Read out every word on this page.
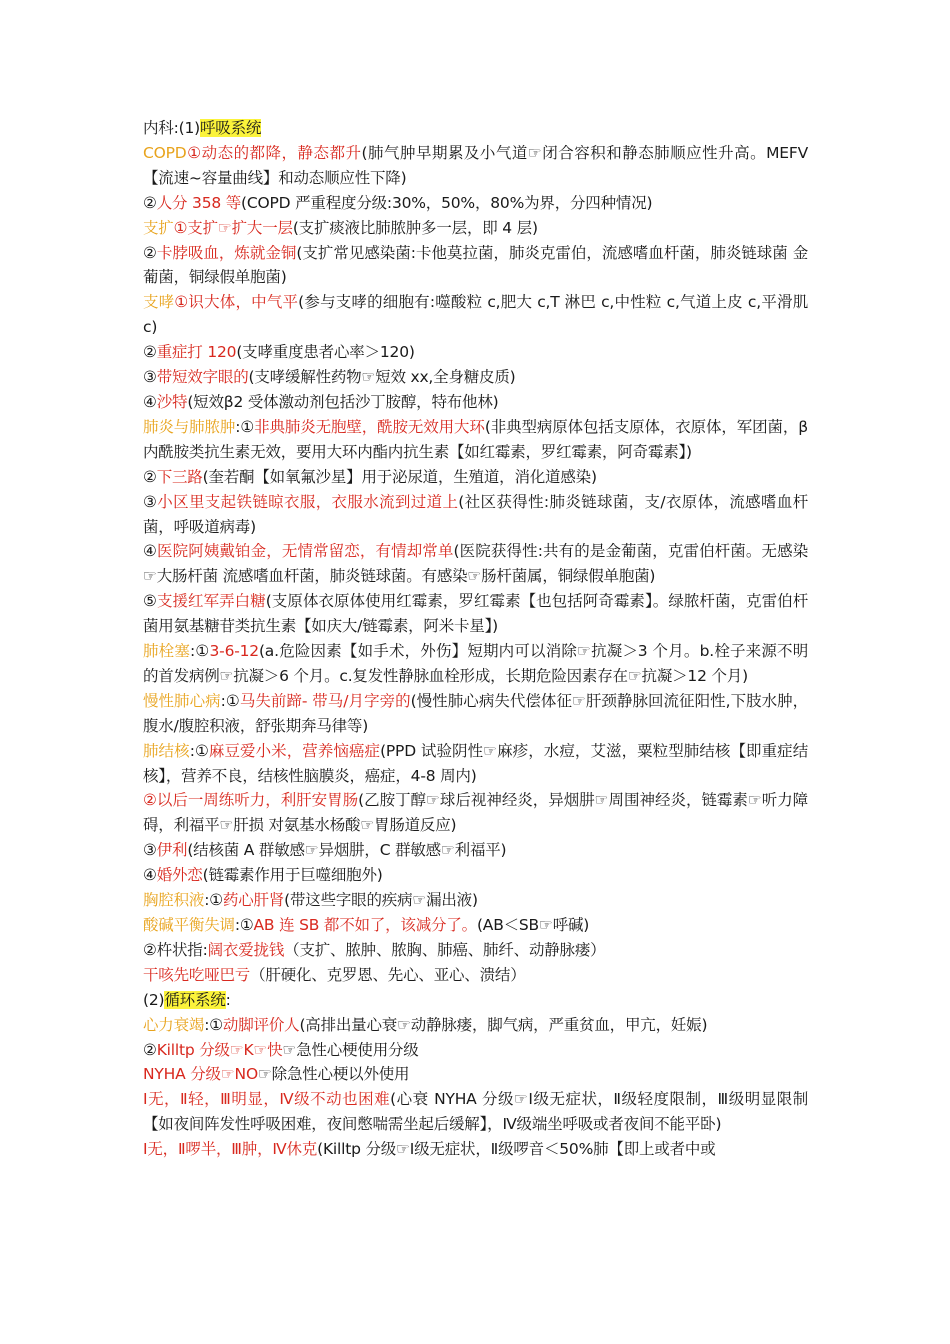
内科:(1)呼吸系统
COPD①动态的都降，静态都升(肺气肿早期累及小气道☞闭合容积和静态肺顺应性升高。MEFV【流速~容量曲线】和动态顺应性下降)
②人分 358 等(COPD 严重程度分级:30%，50%，80%为界，分四种情况)
支扩①支扩☞扩大一层(支扩痰液比肺脓肿多一层，即 4 层)
②卡脖吸血，炼就金铜(支扩常见感染菌:卡他莫拉菌，肺炎克雷伯，流感嗜血杆菌，肺炎链球菌 金葡菌，铜绿假单胞菌)
支哮①识大体，中气平(参与支哮的细胞有:噬酸粒 c,肥大 c,T 淋巴 c,中性粒 c,气道上皮 c,平滑肌 c)
②重症打 120(支哮重度患者心率＞120)
③带短效字眼的(支哮缓解性药物☞短效 xx,全身糖皮质)
④沙特(短效β2 受体激动剂包括沙丁胺醇，特布他林)
肺炎与肺脓肿:①非典肺炎无胞壁，酰胺无效用大环(非典型病原体包括支原体，衣原体，军团菌，β内酰胺类抗生素无效，要用大环内酯内抗生素【如红霉素，罗红霉素，阿奇霉素】)
②下三路(奎若酮【如氧氟沙星】用于泌尿道，生殖道，消化道感染)
③小区里支起铁链晾衣服，衣服水流到过道上(社区获得性:肺炎链球菌，支/衣原体，流感嗜血杆菌，呼吸道病毒)
④医院阿姨戴铂金，无情常留恋，有情却常单(医院获得性:共有的是金葡菌，克雷伯杆菌。无感染☞大肠杆菌 流感嗜血杆菌，肺炎链球菌。有感染☞肠杆菌属，铜绿假单胞菌)
⑤支援红军弄白糖(支原体衣原体使用红霉素，罗红霉素【也包括阿奇霉素】。绿脓杆菌，克雷伯杆菌用氨基糖苷类抗生素【如庆大/链霉素，阿米卡星】)
肺栓塞:①3-6-12(a.危险因素【如手术，外伤】短期内可以消除☞抗凝＞3 个月。b.栓子来源不明的首发病例☞抗凝＞6 个月。c.复发性静脉血栓形成，长期危险因素存在☞抗凝＞12 个月)
慢性肺心病:①马失前蹄- 带马/月字旁的(慢性肺心病失代偿体征☞肝颈静脉回流征阳性,下肢水肿，腹水/腹腔积液，舒张期奔马律等)
肺结核:①麻豆爱小米，营养恼癌症(PPD 试验阴性☞麻疹，水痘，艾滋，粟粒型肺结核【即重症结核】，营养不良，结核性脑膜炎，癌症，4-8 周内)
②以后一周练听力，利肝安胃肠(乙胺丁醇☞球后视神经炎，异烟肼☞周围神经炎，链霉素☞听力障碍，利福平☞肝损 对氨基水杨酸☞胃肠道反应)
③伊利(结核菌 A 群敏感☞异烟肼，C 群敏感☞利福平)
④婚外恋(链霉素作用于巨噬细胞外)
胸腔积液:①药心肝肾(带这些字眼的疾病☞漏出液)
酸碱平衡失调:①AB 连 SB 都不如了，该减分了。(AB＜SB☞呼碱)
②杵状指:阔衣爱拢钱（支扩、脓肿、脓胸、肺癌、肺纤、动静脉瘘）
干咳先吃哑巴亏（肝硬化、克罗恩、先心、亚心、溃结）
(2)循环系统:
心力衰竭:①动脚评价人(高排出量心衰☞动静脉瘘，脚气病，严重贫血，甲亢，妊娠)
②Killtp 分级☞K☞快☞急性心梗使用分级
NYHA 分级☞NO☞除急性心梗以外使用
Ⅰ无，Ⅱ轻，Ⅲ明显，Ⅳ级不动也困难(心衰 NYHA 分级☞Ⅰ级无症状，Ⅱ级轻度限制，Ⅲ级明显限制【如夜间阵发性呼吸困难，夜间憋喘需坐起后缓解】，Ⅳ级端坐呼吸或者夜间不能平卧)
Ⅰ无，Ⅱ啰半，Ⅲ肿，Ⅳ休克(Killtp 分级☞Ⅰ级无症状，Ⅱ级啰音＜50%肺【即上或者中或
